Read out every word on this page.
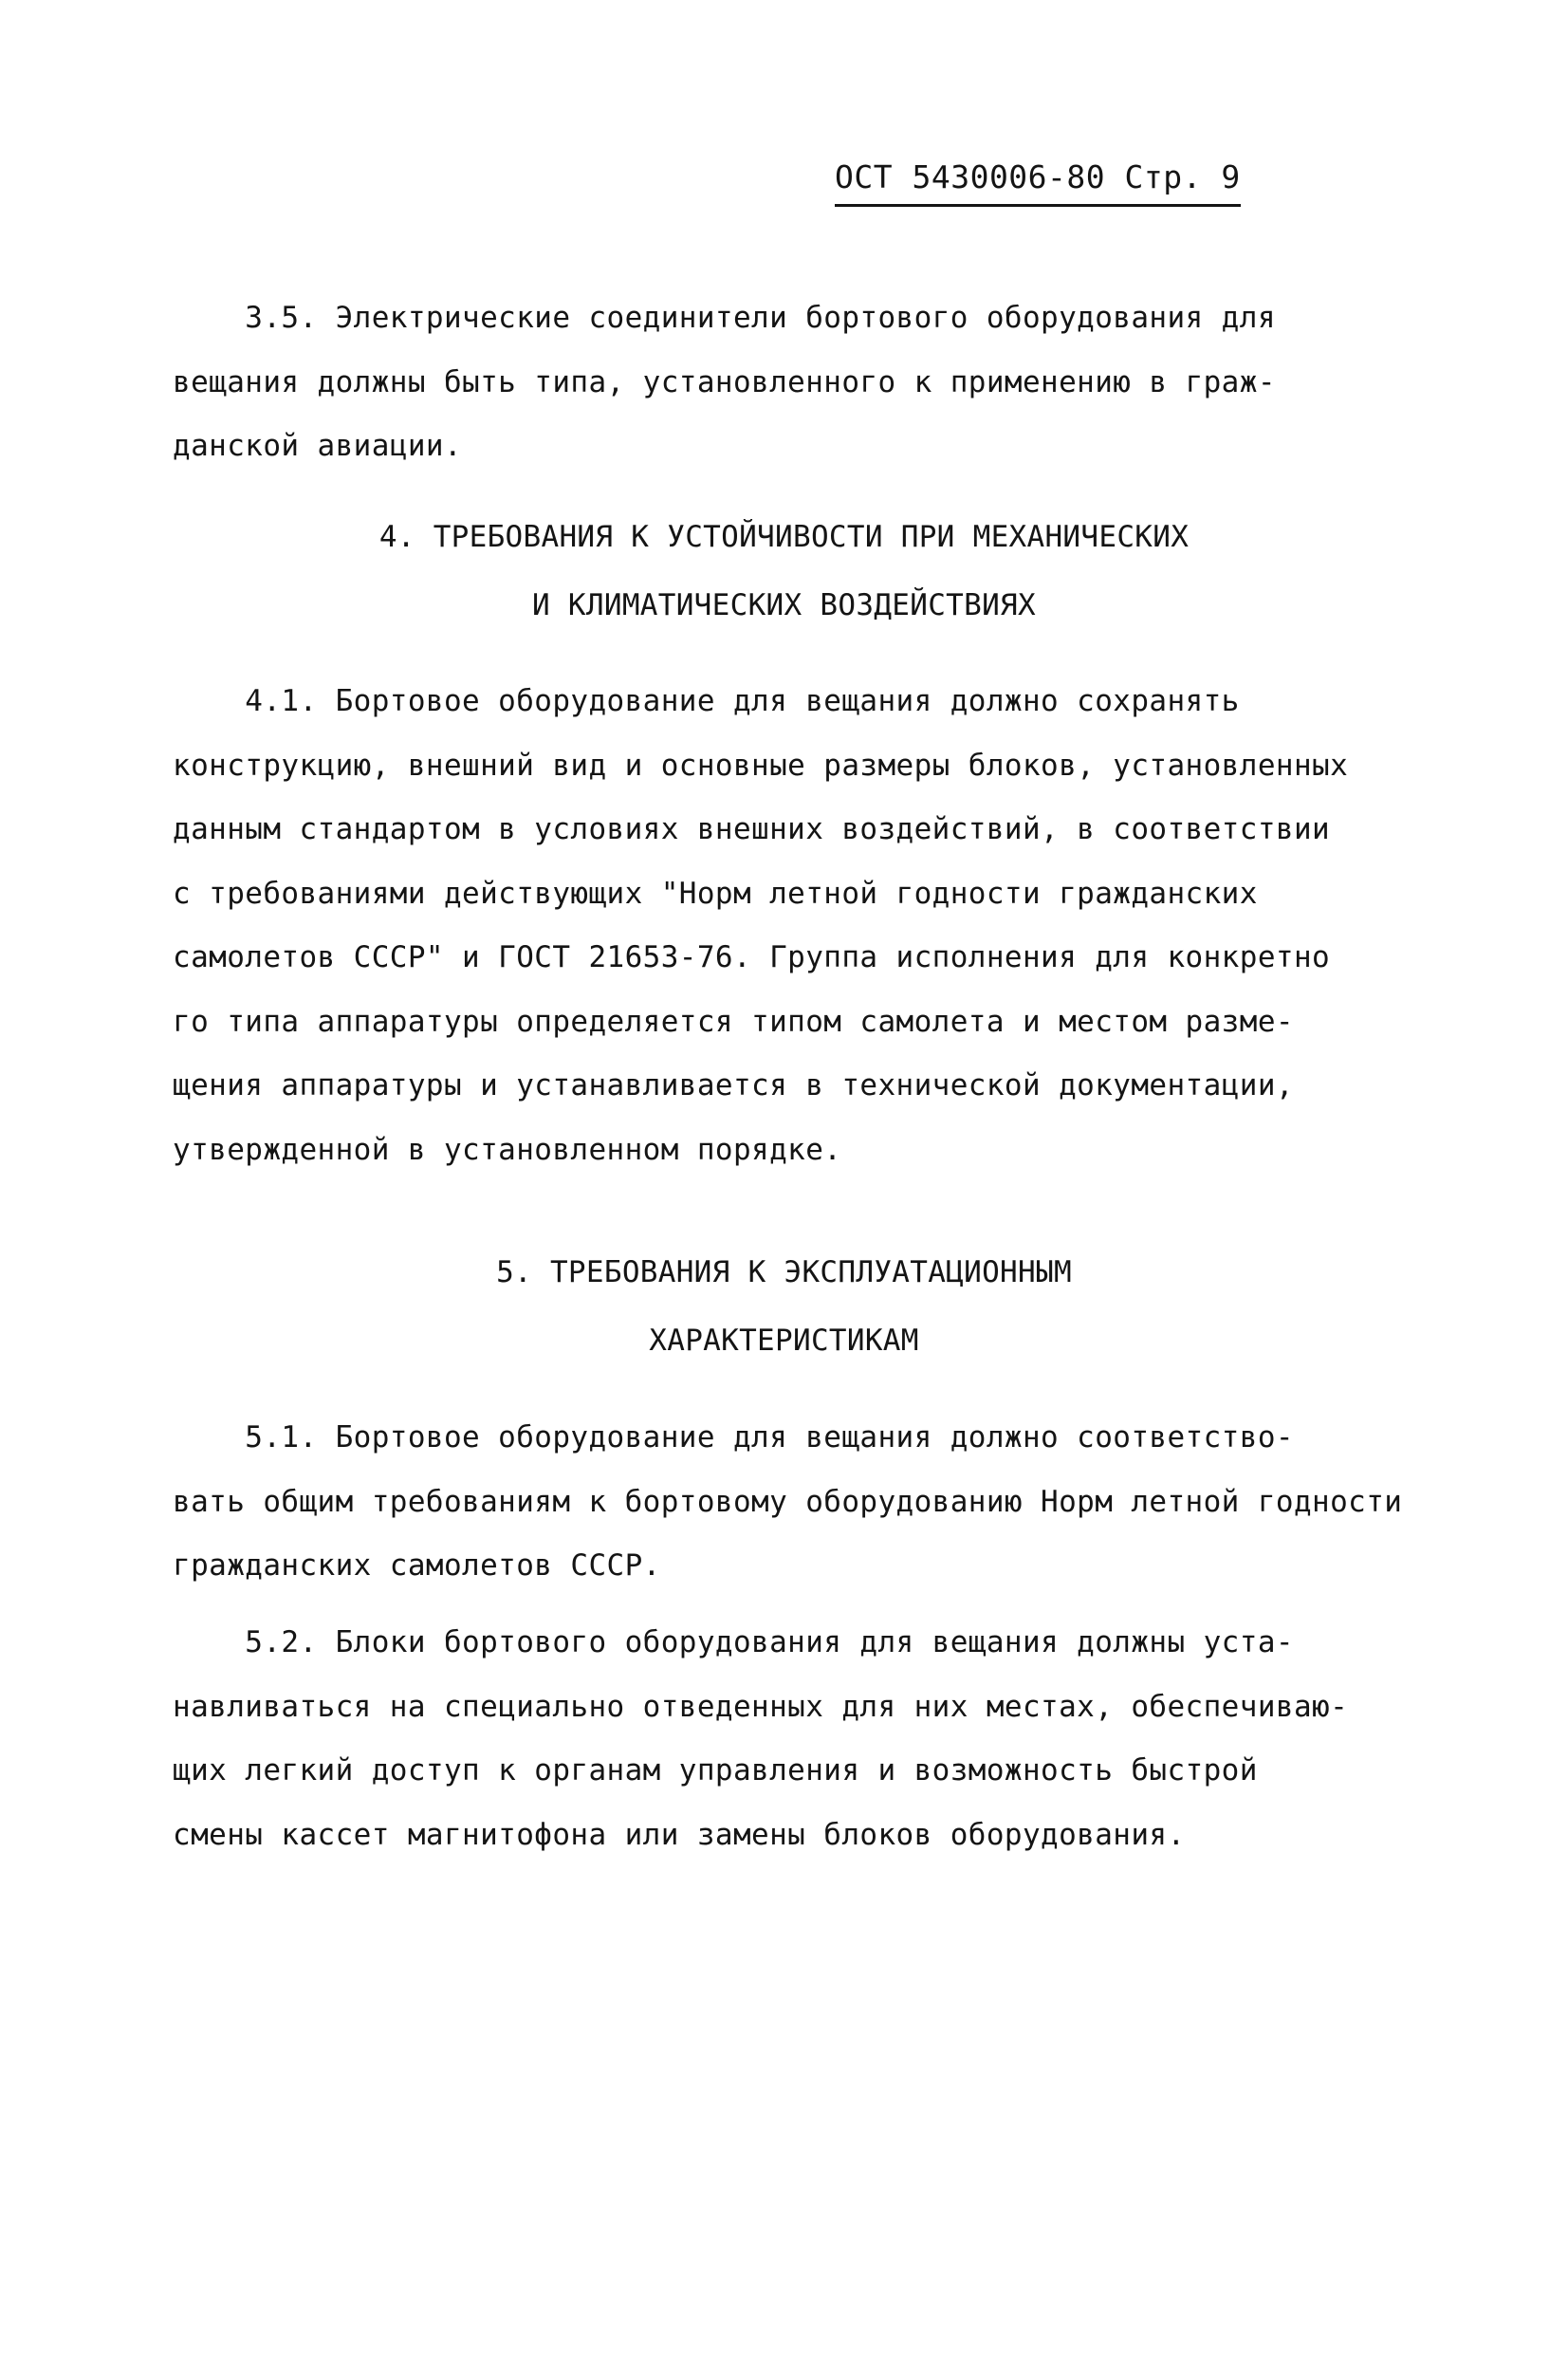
ОСТ 5430006-80 Стр. 9
3.5. Электрические соединители бортового оборудования для
вещания должны быть типа, установленного к применению в граж-
данской авиации.
4. ТРЕБОВАНИЯ К УСТОЙЧИВОСТИ ПРИ МЕХАНИЧЕСКИХ
И КЛИМАТИЧЕСКИХ ВОЗДЕЙСТВИЯХ
4.1. Бортовое оборудование для вещания должно сохранять
конструкцию, внешний вид и основные размеры блоков, установленных
данным стандартом в условиях внешних воздействий, в соответствии
с требованиями действующих "Норм летной годности гражданских
самолетов СССР" и ГОСТ 21653-76. Группа исполнения для конкретно
го типа аппаратуры определяется типом самолета и местом разме-
щения аппаратуры и устанавливается в технической документации,
утвержденной в установленном порядке.
5. ТРЕБОВАНИЯ К ЭКСПЛУАТАЦИОННЫМ
ХАРАКТЕРИСТИКАМ
5.1. Бортовое оборудование для вещания должно соответство-
вать общим требованиям к бортовому оборудованию Норм летной годности
гражданских самолетов СССР.
5.2. Блоки бортового оборудования для вещания должны уста-
навливаться на специально отведенных для них местах, обеспечиваю-
щих легкий доступ к органам управления и возможность быстрой
смены кассет магнитофона или замены блоков оборудования.
